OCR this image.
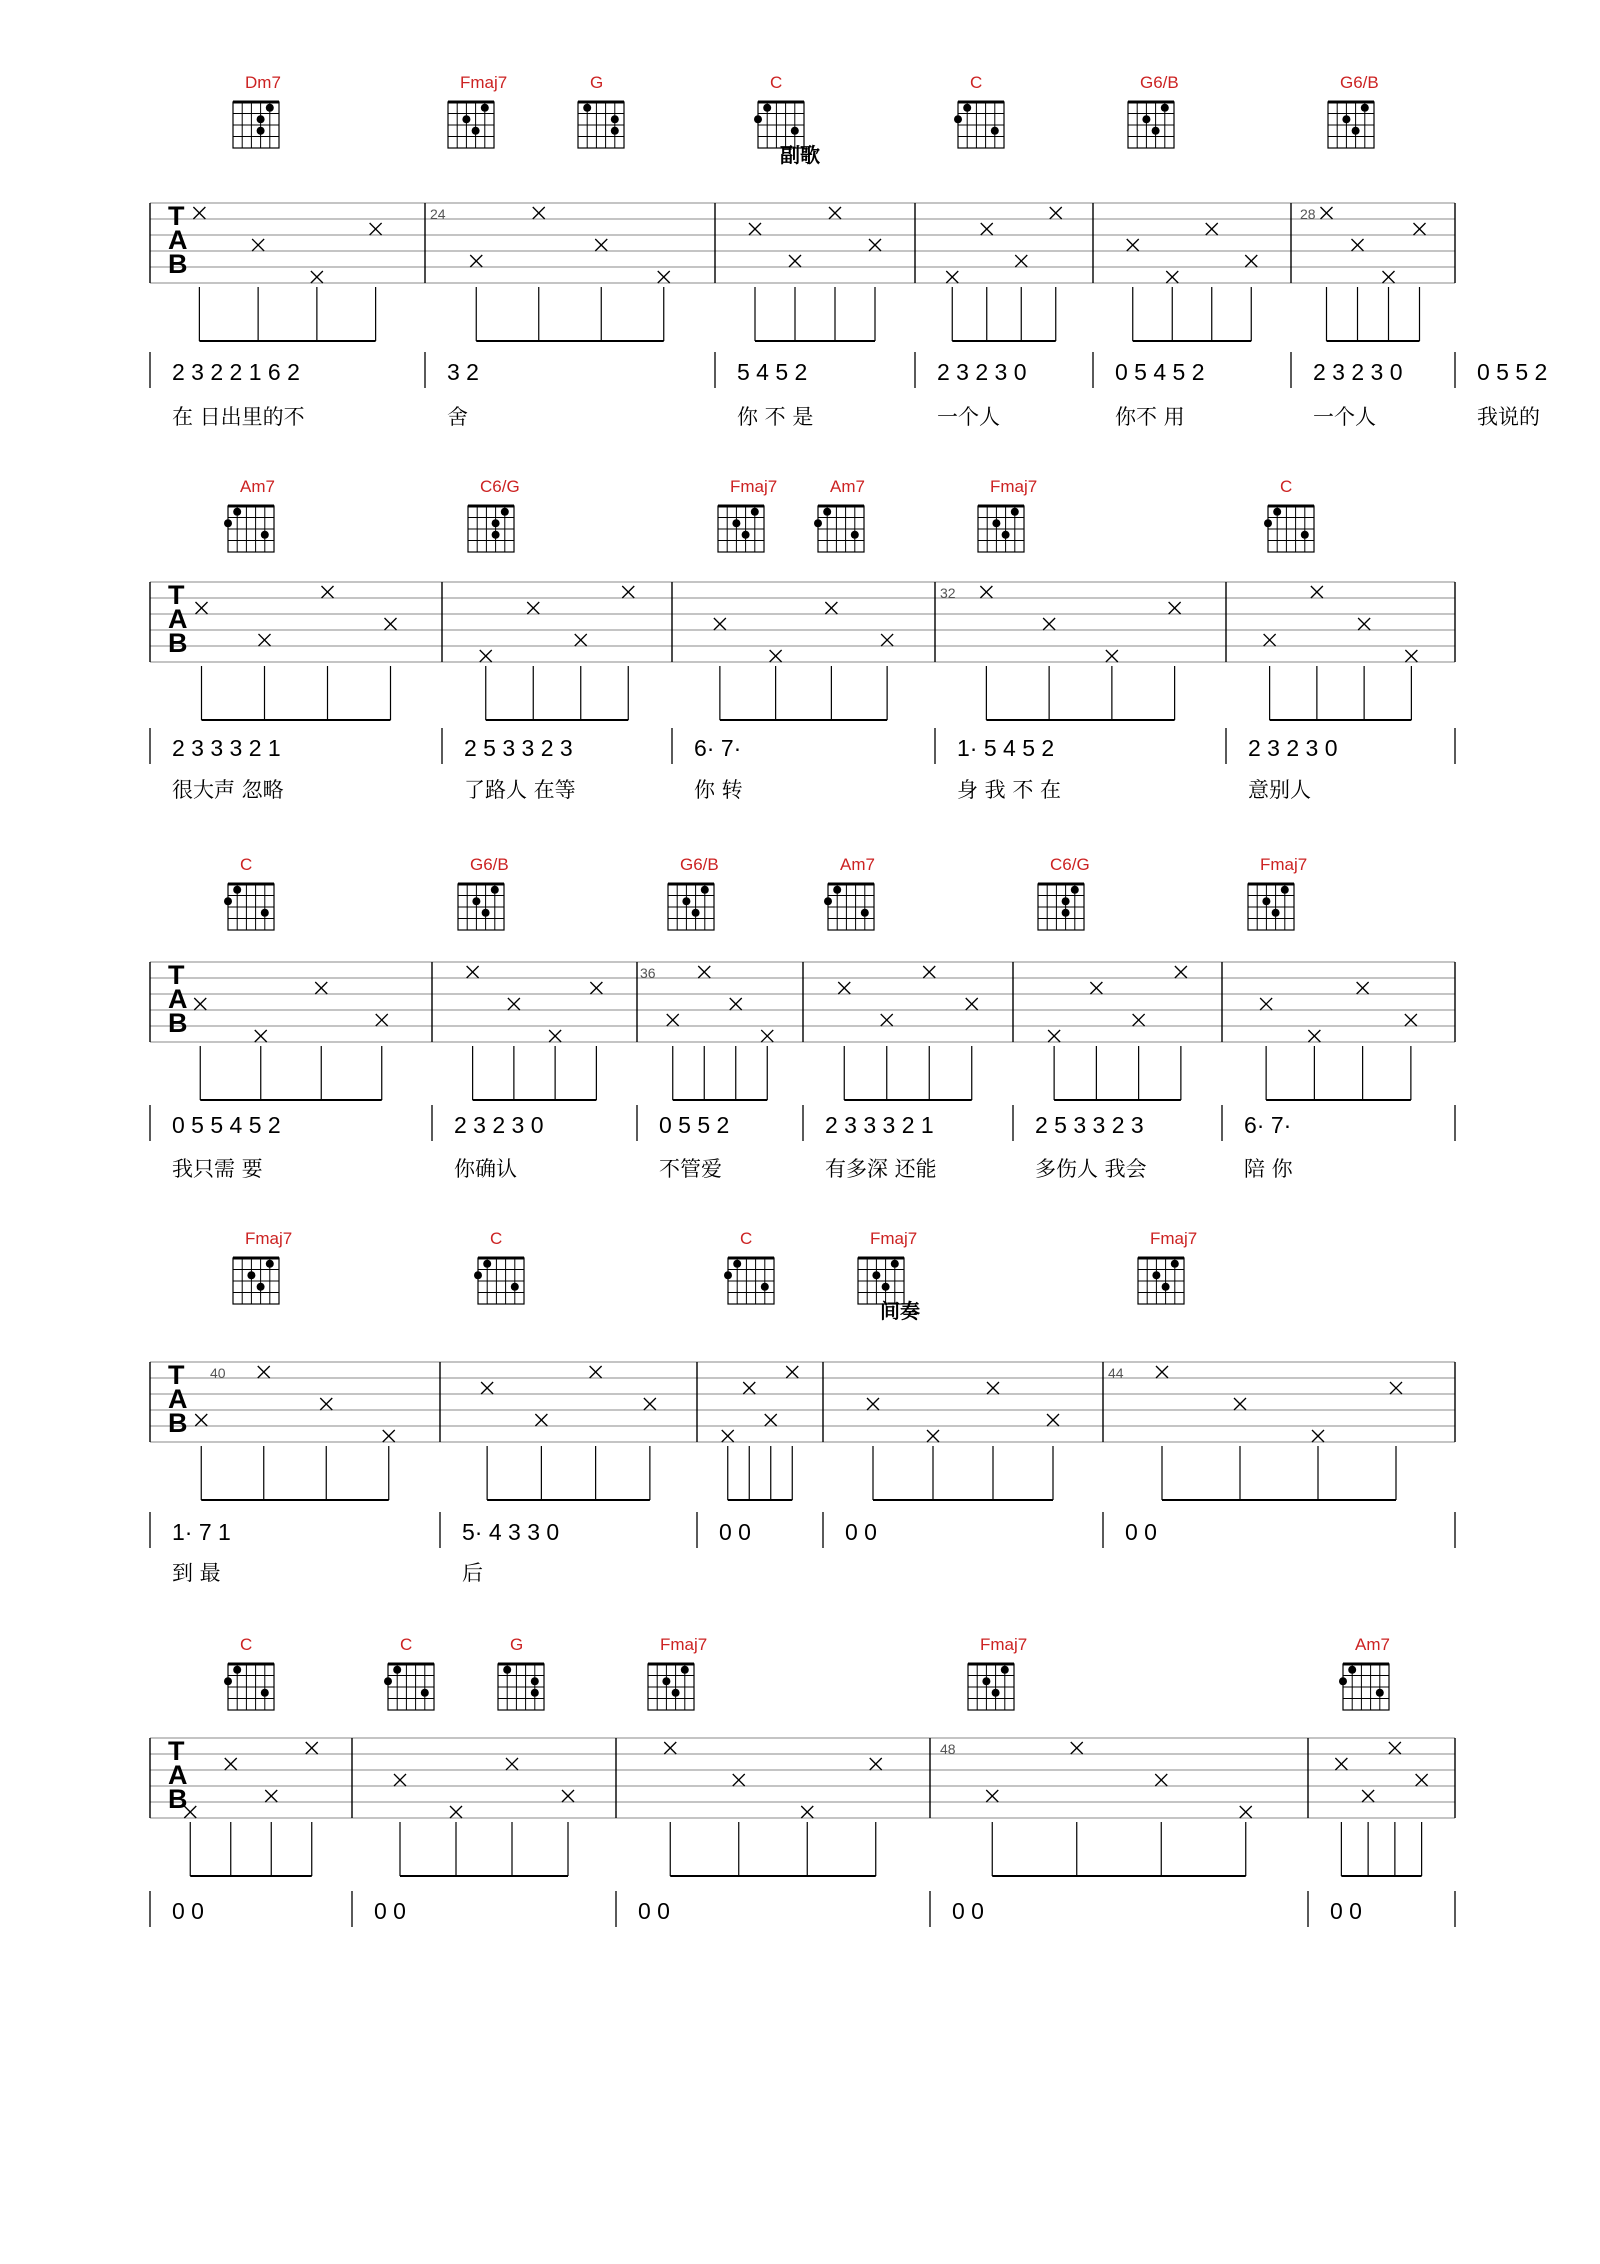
Dm7	Fmaj7	G	C	C	G6/B	G6/B
副歌
T
A
B
24	28
2 3 2 2 1 6 2	3 2	5 4 5 2	2 3 2 3 0	0 5 4 5 2	2 3 2 3 0	0 5 5 2
在 日出里的不	舍	你 不 是	一个人	你不 用	一个人	我说的
Am7	C6/G	Fmaj7	Am7	Fmaj7	C
T
A
B
32
2 3 3 3 2 1	2 5 3 3 2 3	6· 7·	1· 5 4 5 2	2 3 2 3 0
很大声 忽略	了路人 在等	你 转	身 我 不 在	意别人
C	G6/B	G6/B	Am7	C6/G	Fmaj7
T
A
B
36
0 5 5 4 5 2	2 3 2 3 0	0 5 5 2	2 3 3 3 2 1	2 5 3 3 2 3	6· 7·
我只需 要	你确认	不管爱	有多深 还能	多伤人 我会	陪 你
Fmaj7	C	C	Fmaj7	Fmaj7
间奏
T
A
B
40	44
1· 7 1	5· 4 3 3 0	0 0	0 0	0 0
到 最	后
C	C	G	Fmaj7	Fmaj7	Am7
T
A
B
48
0 0	0 0	0 0	0 0	0 0
